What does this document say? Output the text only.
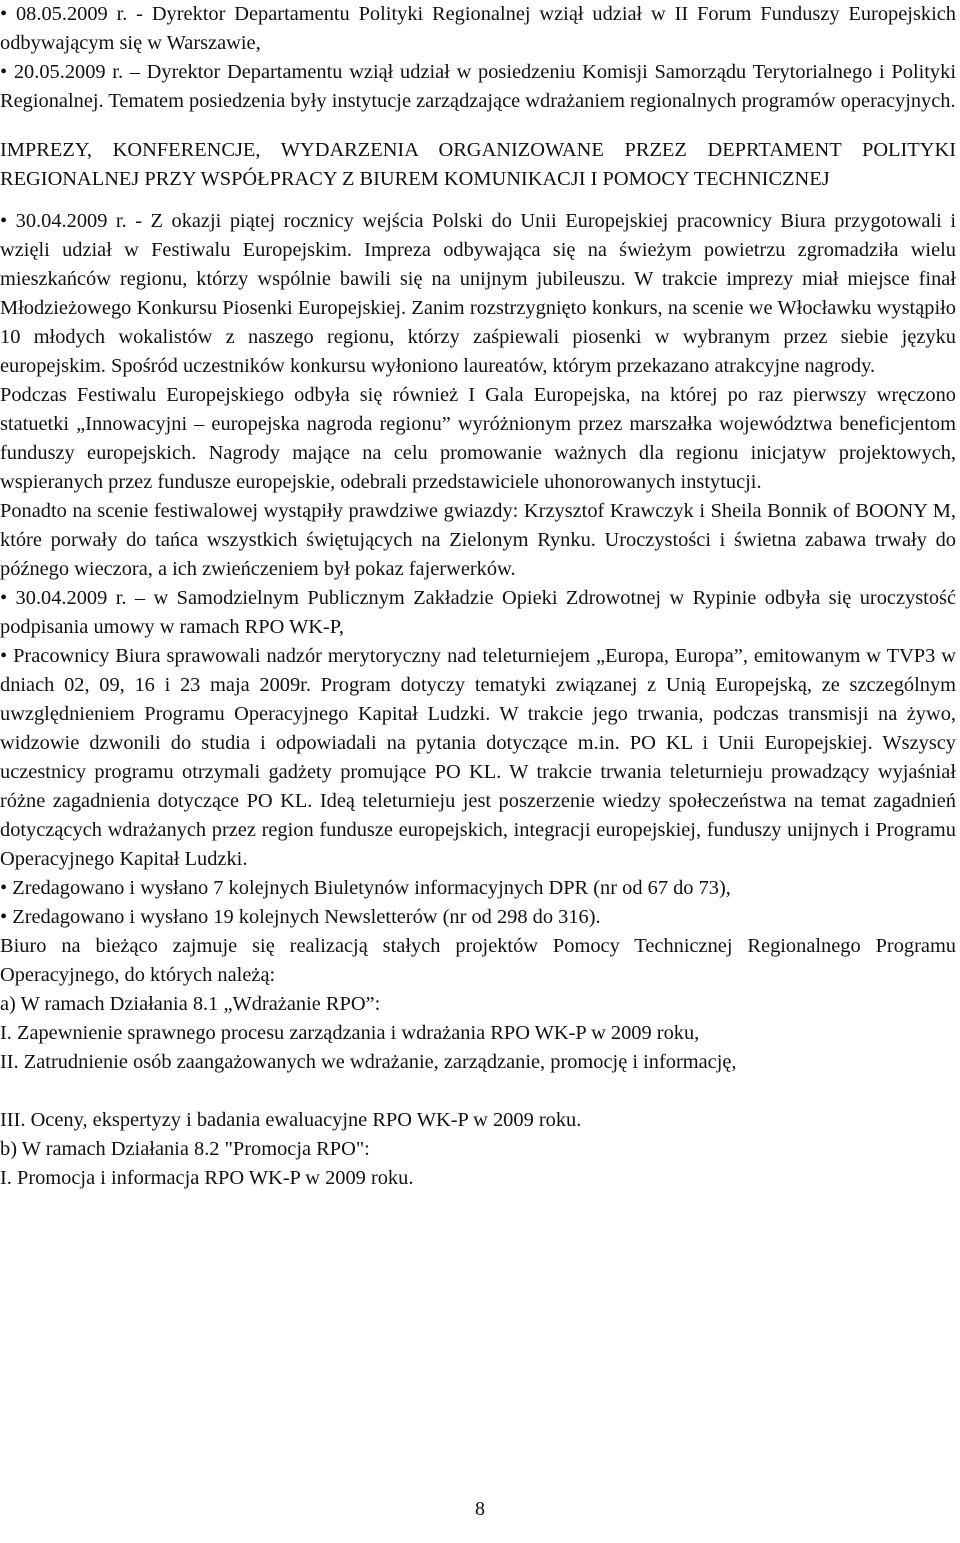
• 08.05.2009 r. - Dyrektor Departamentu Polityki Regionalnej wziął udział w II Forum Funduszy Europejskich odbywającym się w Warszawie,

• 20.05.2009 r. – Dyrektor Departamentu wziął udział w posiedzeniu Komisji Samorządu Terytorialnego i Polityki Regionalnej. Tematem posiedzenia były instytucje zarządzające wdrażaniem regionalnych programów operacyjnych.

IMPREZY, KONFERENCJE, WYDARZENIA ORGANIZOWANE PRZEZ DEPRTAMENT POLITYKI REGIONALNEJ PRZY WSPÓŁPRACY Z BIUREM KOMUNIKACJI I POMOCY TECHNICZNEJ

• 30.04.2009 r. - Z okazji piątej rocznicy wejścia Polski do Unii Europejskiej pracownicy Biura przygotowali i wzięli udział w Festiwalu Europejskim. Impreza odbywająca się na świeżym powietrzu zgromadziła wielu mieszkańców regionu, którzy wspólnie bawili się na unijnym jubileuszu. W trakcie imprezy miał miejsce finał Młodzieżowego Konkursu Piosenki Europejskiej. Zanim rozstrzygnięto konkurs, na scenie we Włocławku wystąpiło 10 młodych wokalistów z naszego regionu, którzy zaśpiewali piosenki w wybranym przez siebie języku europejskim. Spośród uczestników konkursu wyłoniono laureatów, którym przekazano atrakcyjne nagrody.

Podczas Festiwalu Europejskiego odbyła się również I Gala Europejska, na której po raz pierwszy wręczono statuetki „Innowacyjni – europejska nagroda regionu” wyróżnionym przez marszałka województwa beneficjentom funduszy europejskich. Nagrody mające na celu promowanie ważnych dla regionu inicjatyw projektowych, wspieranych przez fundusze europejskie, odebrali przedstawiciele uhonorowanych instytucji.

Ponadto na scenie festiwalowej wystąpiły prawdziwe gwiazdy: Krzysztof Krawczyk i Sheila Bonnik of BOONY M, które porwały do tańca wszystkich świętujących na Zielonym Rynku. Uroczystości i świetna zabawa trwały do późnego wieczora, a ich zwieńczeniem był pokaz fajerwerków.

• 30.04.2009 r. – w Samodzielnym Publicznym Zakładzie Opieki Zdrowotnej w Rypinie odbyła się uroczystość podpisania umowy w ramach RPO WK-P,

• Pracownicy Biura sprawowali nadzór merytoryczny nad teleturniejem „Europa, Europa”, emitowanym w TVP3 w dniach 02, 09, 16 i 23 maja 2009r. Program dotyczy tematyki związanej z Unią Europejską, ze szczególnym uwzględnieniem Programu Operacyjnego Kapitał Ludzki. W trakcie jego trwania, podczas transmisji na żywo, widzowie dzwonili do studia i odpowiadali na pytania dotyczące m.in. PO KL i Unii Europejskiej. Wszyscy uczestnicy programu otrzymali gadżety promujące PO KL. W trakcie trwania teleturnieju prowadzący wyjaśniał różne zagadnienia dotyczące PO KL. Ideą teleturnieju jest poszerzenie wiedzy społeczeństwa na temat zagadnień dotyczących wdrażanych przez region fundusze europejskich, integracji europejskiej, funduszy unijnych i Programu Operacyjnego Kapitał Ludzki.

• Zredagowano i wysłano 7 kolejnych Biuletynów informacyjnych DPR (nr od 67 do 73),

• Zredagowano i wysłano 19 kolejnych Newsletterów (nr od 298 do 316).

Biuro na bieżąco zajmuje się realizacją stałych projektów Pomocy Technicznej Regionalnego Programu Operacyjnego, do których należą:

a) W ramach Działania 8.1 „Wdrażanie RPO”:

I. Zapewnienie sprawnego procesu zarządzania i wdrażania RPO WK-P w 2009 roku,

II. Zatrudnienie osób zaangażowanych we wdrażanie, zarządzanie, promocję i informację,

III. Oceny, ekspertyzy i badania ewaluacyjne RPO WK-P w 2009 roku.

b) W ramach Działania 8.2 "Promocja RPO":

I. Promocja i informacja RPO WK-P w 2009 roku.

8
